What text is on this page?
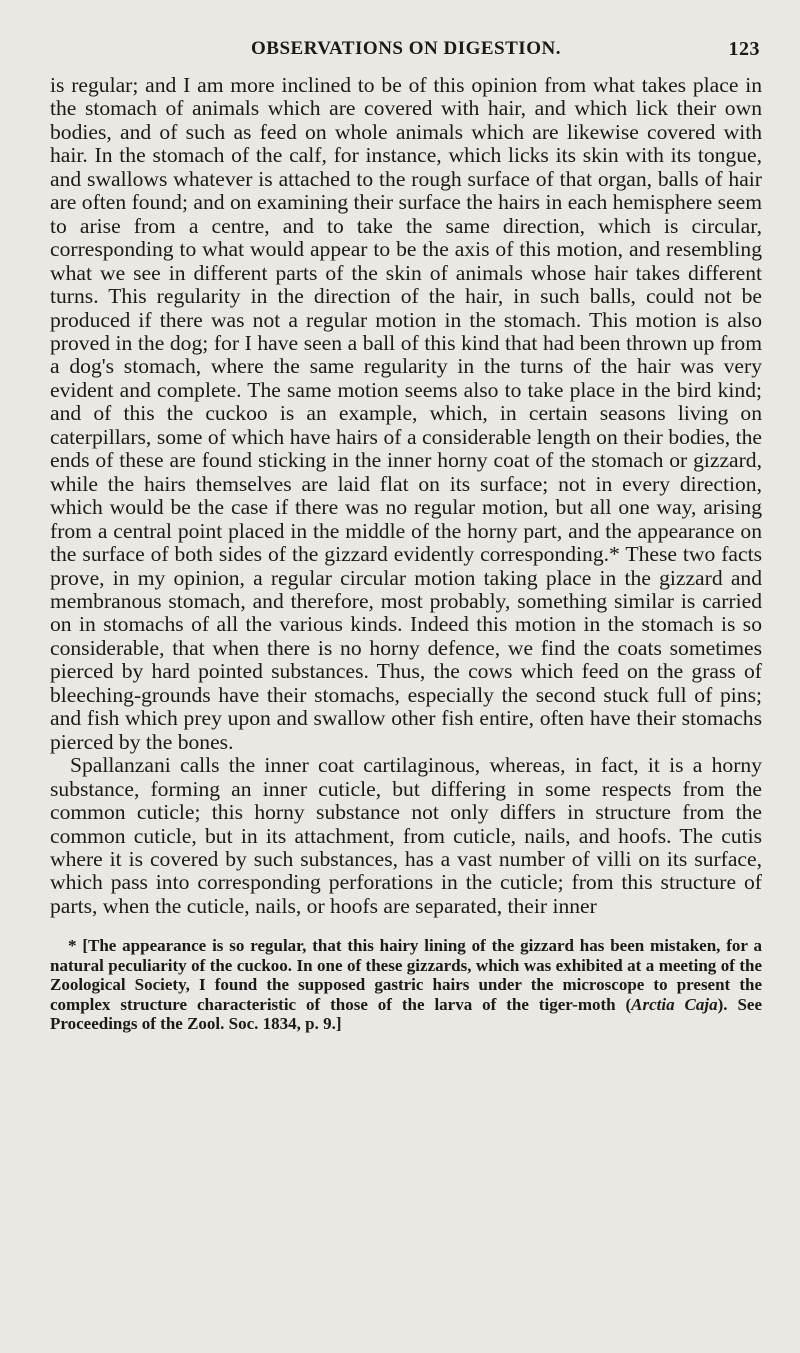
OBSERVATIONS ON DIGESTION.	123

is regular; and I am more inclined to be of this opinion from what takes place in the stomach of animals which are covered with hair, and which lick their own bodies, and of such as feed on whole animals which are likewise covered with hair. In the stomach of the calf, for instance, which licks its skin with its tongue, and swallows whatever is attached to the rough surface of that organ, balls of hair are often found; and on examining their surface the hairs in each hemisphere seem to arise from a centre, and to take the same direction, which is circular, corresponding to what would appear to be the axis of this motion, and resembling what we see in different parts of the skin of animals whose hair takes different turns. This regularity in the direction of the hair, in such balls, could not be produced if there was not a regular motion in the stomach. This motion is also proved in the dog; for I have seen a ball of this kind that had been thrown up from a dog's stomach, where the same regularity in the turns of the hair was very evident and complete. The same motion seems also to take place in the bird kind; and of this the cuckoo is an example, which, in certain seasons living on caterpillars, some of which have hairs of a considerable length on their bodies, the ends of these are found sticking in the inner horny coat of the stomach or gizzard, while the hairs themselves are laid flat on its surface; not in every direction, which would be the case if there was no regular motion, but all one way, arising from a central point placed in the middle of the horny part, and the appearance on the surface of both sides of the gizzard evidently corresponding.* These two facts prove, in my opinion, a regular circular motion taking place in the gizzard and membranous stomach, and therefore, most probably, something similar is carried on in stomachs of all the various kinds. Indeed this motion in the stomach is so considerable, that when there is no horny defence, we find the coats sometimes pierced by hard pointed substances. Thus, the cows which feed on the grass of bleeching-grounds have their stomachs, especially the second stuck full of pins; and fish which prey upon and swallow other fish entire, often have their stomachs pierced by the bones.

Spallanzani calls the inner coat cartilaginous, whereas, in fact, it is a horny substance, forming an inner cuticle, but differing in some respects from the common cuticle; this horny substance not only differs in structure from the common cuticle, but in its attachment, from cuticle, nails, and hoofs. The cutis where it is covered by such substances, has a vast number of villi on its surface, which pass into corresponding perforations in the cuticle; from this structure of parts, when the cuticle, nails, or hoofs are separated, their inner

* [The appearance is so regular, that this hairy lining of the gizzard has been mistaken, for a natural peculiarity of the cuckoo. In one of these gizzards, which was exhibited at a meeting of the Zoological Society, I found the supposed gastric hairs under the microscope to present the complex structure characteristic of those of the larva of the tiger-moth (Arctia Caja). See Proceedings of the Zool. Soc. 1834, p. 9.]
